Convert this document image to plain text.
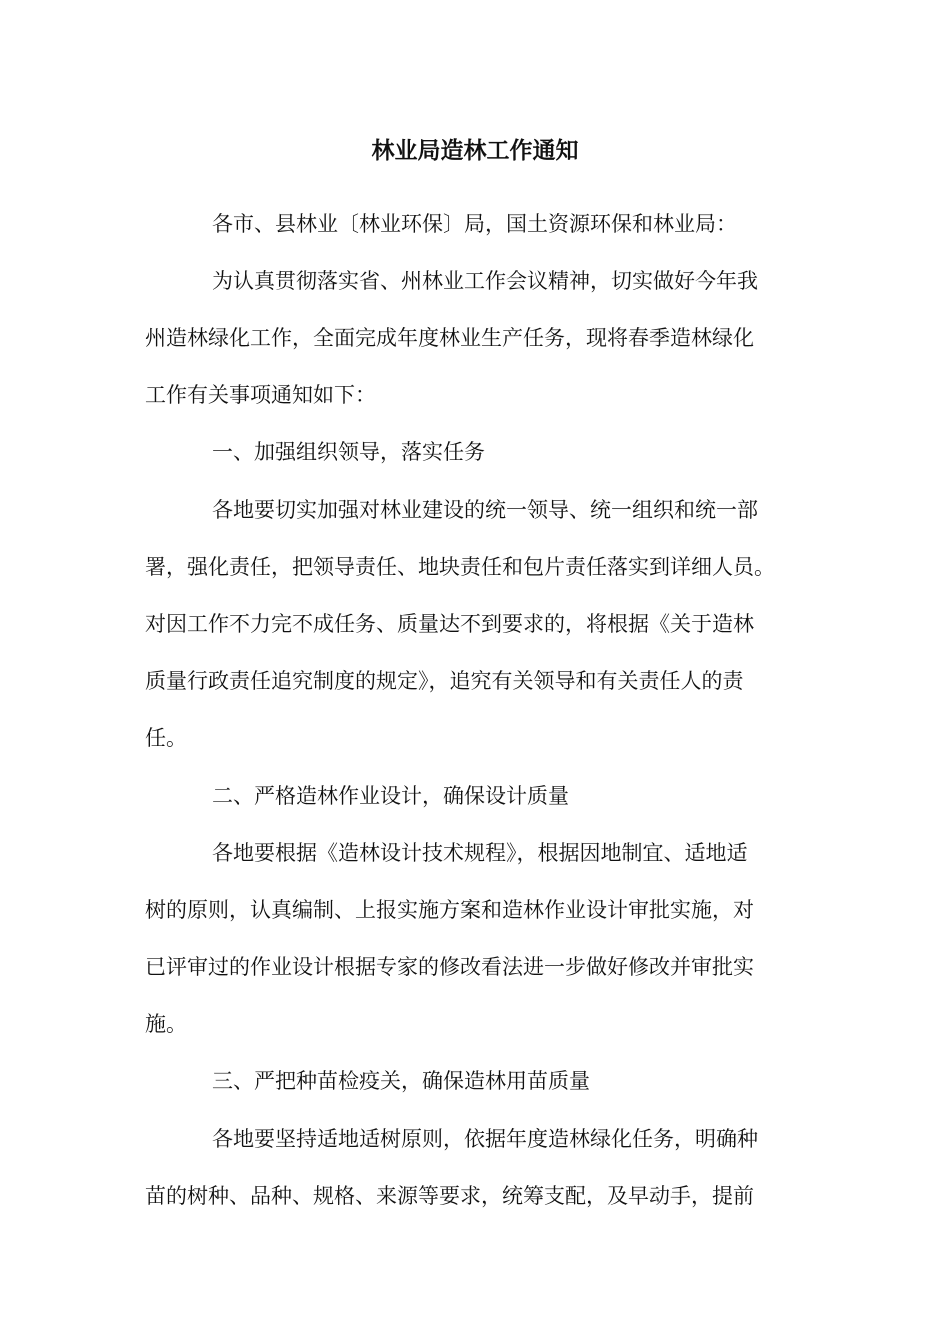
林业局造林工作通知

各市、县林业〔林业环保〕局，国土资源环保和林业局：

为认真贯彻落实省、州林业工作会议精神，切实做好今年我

州造林绿化工作，全面完成年度林业生产任务，现将春季造林绿化

工作有关事项通知如下：

一、加强组织领导，落实任务

各地要切实加强对林业建设的统一领导、统一组织和统一部

署，强化责任，把领导责任、地块责任和包片责任落实到详细人员。

对因工作不力完不成任务、质量达不到要求的，将根据《关于造林

质量行政责任追究制度的规定》，追究有关领导和有关责任人的责

任。

二、严格造林作业设计，确保设计质量

各地要根据《造林设计技术规程》，根据因地制宜、适地适

树的原则，认真编制、上报实施方案和造林作业设计审批实施，对

已评审过的作业设计根据专家的修改看法进一步做好修改并审批实

施。

三、严把种苗检疫关，确保造林用苗质量

各地要坚持适地适树原则，依据年度造林绿化任务，明确种

苗的树种、品种、规格、来源等要求，统筹支配，及早动手，提前
